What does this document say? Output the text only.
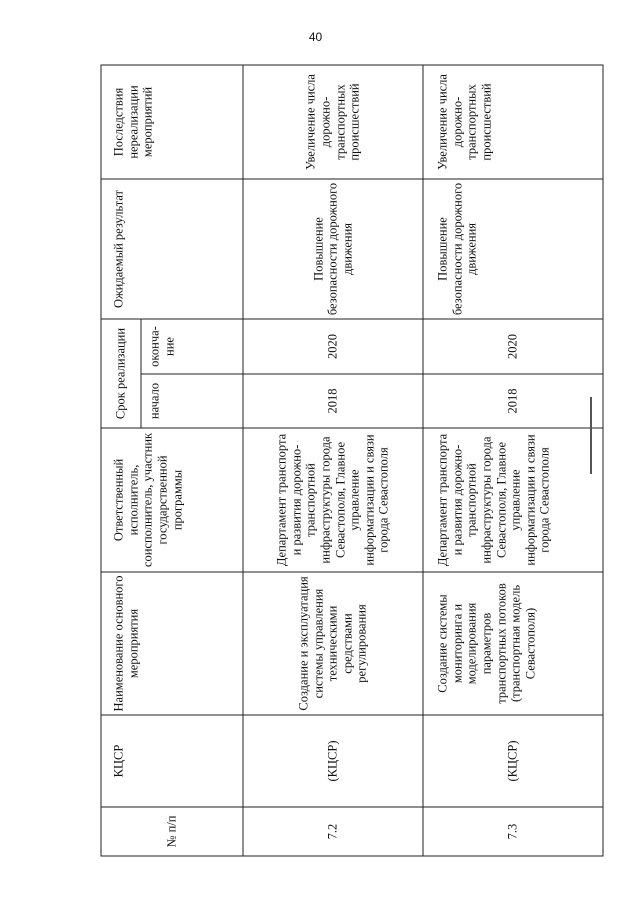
40
№ п/п	КЦСР	Наименование основного мероприятия	Ответственный исполнитель, соисполнитель, участник государственной программы	Срок реализации		Ожидаемый результат	Последствия нереализации мероприятий
				начало	оконча-ние		
7.2	(КЦСР)	Создание и эксплуатация системы управления техническими средствами регулирования	Департамент транспорта и развития дорожно-транспортной инфраструктуры города Севастополя, Главное управление информатизации и связи города Севастополя	2018	2020	Повышение безопасности дорожного движения	Увеличение числа дорожно-транспортных происшествий
7.3	(КЦСР)	Создание системы мониторинга и моделирования параметров транспортных потоков (транспортная модель Севастополя)	Департамент транспорта и развития дорожно-транспортной инфраструктуры города Севастополя, Главное управление информатизации и связи города Севастополя	2018	2020	Повышение безопасности дорожного движения	Увеличение числа дорожно-транспортных происшествий
